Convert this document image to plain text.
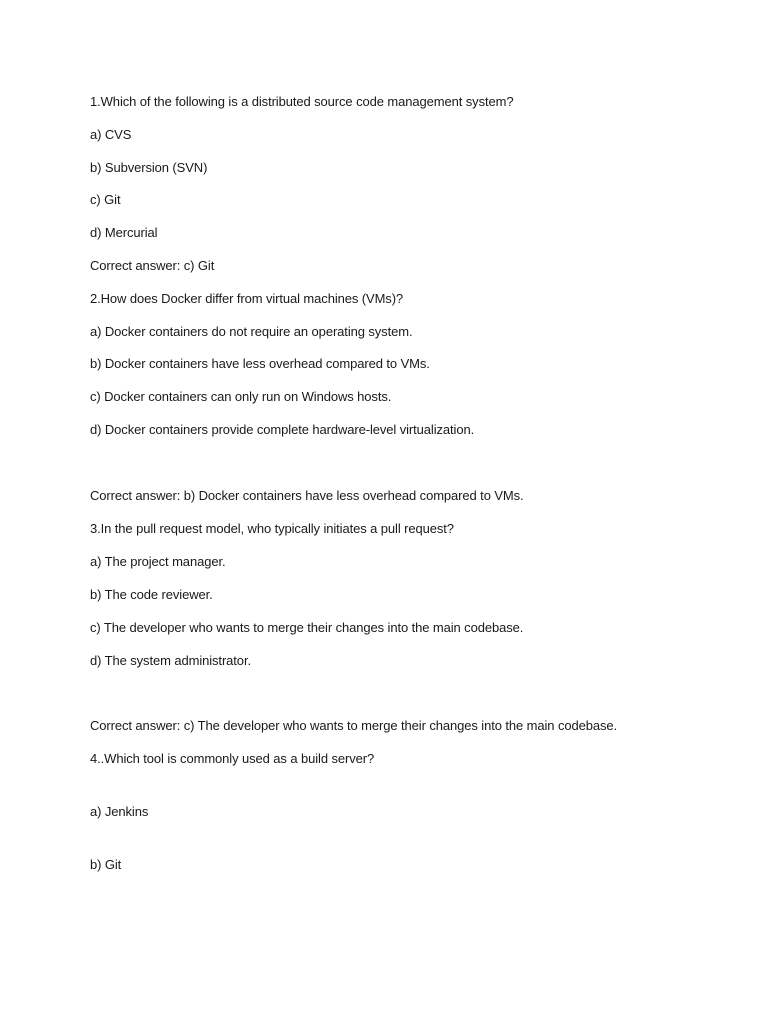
1.Which of the following is a distributed source code management system?
a) CVS
b) Subversion (SVN)
c) Git
d) Mercurial
Correct answer: c) Git
2.How does Docker differ from virtual machines (VMs)?
a) Docker containers do not require an operating system.
b) Docker containers have less overhead compared to VMs.
c) Docker containers can only run on Windows hosts.
d) Docker containers provide complete hardware-level virtualization.
Correct answer: b) Docker containers have less overhead compared to VMs.
3.In the pull request model, who typically initiates a pull request?
a) The project manager.
b) The code reviewer.
c) The developer who wants to merge their changes into the main codebase.
d) The system administrator.
Correct answer: c) The developer who wants to merge their changes into the main codebase.
4..Which tool is commonly used as a build server?
a) Jenkins
b) Git
